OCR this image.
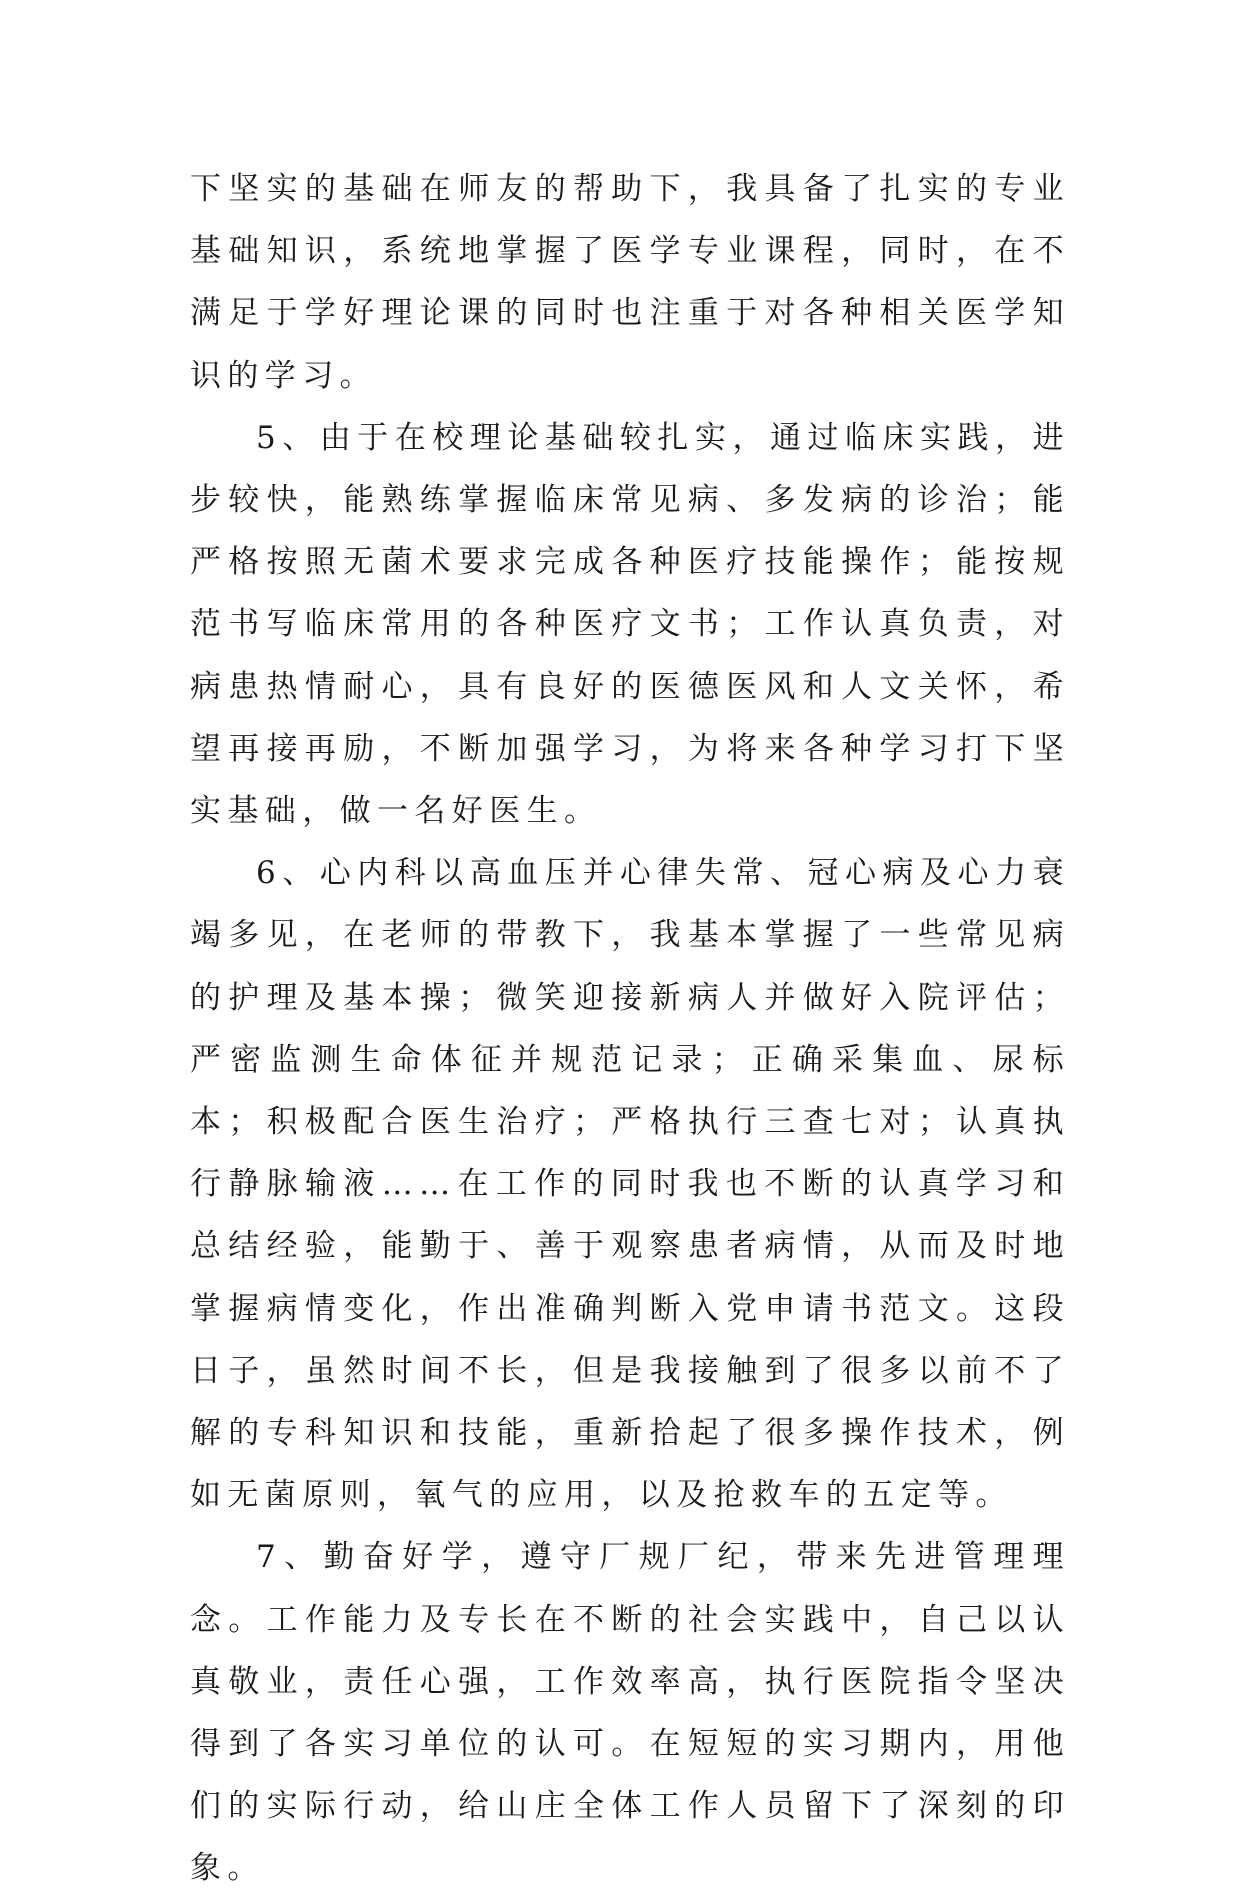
下坚实的基础在师友的帮助下，我具备了扎实的专业基础知识，系统地掌握了医学专业课程，同时，在不满足于学好理论课的同时也注重于对各种相关医学知识的学习。

5、由于在校理论基础较扎实，通过临床实践，进步较快，能熟练掌握临床常见病、多发病的诊治；能严格按照无菌术要求完成各种医疗技能操作；能按规范书写临床常用的各种医疗文书；工作认真负责，对病患热情耐心，具有良好的医德医风和人文关怀，希望再接再励，不断加强学习，为将来各种学习打下坚实基础，做一名好医生。

6、心内科以高血压并心律失常、冠心病及心力衰竭多见，在老师的带教下，我基本掌握了一些常见病的护理及基本操；微笑迎接新病人并做好入院评估；严密监测生命体征并规范记录；正确采集血、尿标本；积极配合医生治疗；严格执行三查七对；认真执行静脉输液……在工作的同时我也不断的认真学习和总结经验，能勤于、善于观察患者病情，从而及时地掌握病情变化，作出准确判断入党申请书范文。这段日子，虽然时间不长，但是我接触到了很多以前不了解的专科知识和技能，重新拾起了很多操作技术，例如无菌原则，氧气的应用，以及抢救车的五定等。

7、勤奋好学，遵守厂规厂纪，带来先进管理理念。工作能力及专长在不断的社会实践中，自己以认真敬业，责任心强，工作效率高，执行医院指令坚决得到了各实习单位的认可。在短短的实习期内，用他们的实际行动，给山庄全体工作人员留下了深刻的印象。
